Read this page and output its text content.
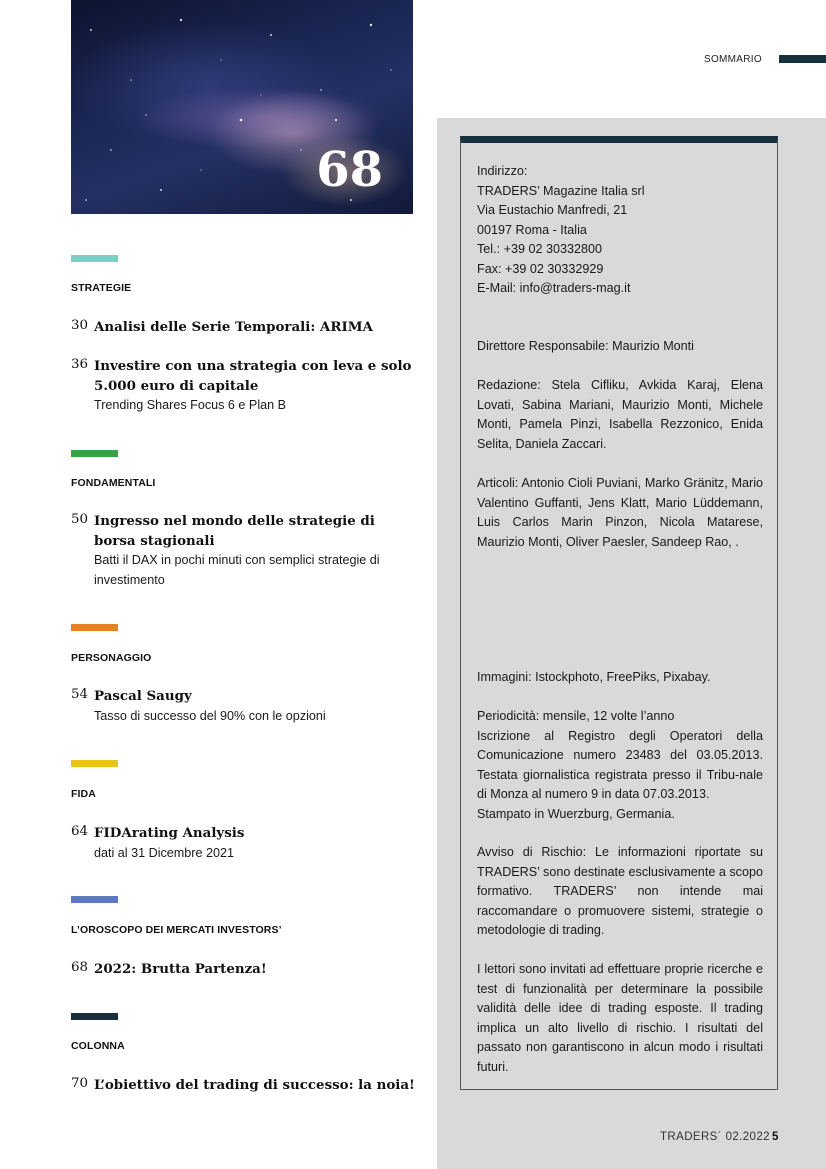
68
SOMMARIO

Indirizzo:
TRADERS’ Magazine Italia srl
Via Eustachio Manfredi, 21
00197 Roma - Italia
Tel.: +39 02 30332800
Fax: +39 02 30332929
E-Mail: info@traders-mag.it

Direttore Responsabile: Maurizio Monti

Redazione: Stela Cifliku, Avkida Karaj, Elena Lovati, Sabina Mariani, Maurizio Monti, Michele Monti, Pamela Pinzi, Isabella Rezzonico, Enida Selita, Daniela Zaccari.

Articoli: Antonio Cioli Puviani, Marko Gränitz, Mario Valentino Guffanti, Jens Klatt, Mario Lüddemann, Luis Carlos Marin Pinzon, Nicola Matarese, Maurizio Monti, Oliver Paesler, Sandeep Rao, .

Immagini: Istockphoto, FreePiks, Pixabay.

Periodicità: mensile, 12 volte l’anno
Iscrizione al Registro degli Operatori della Comunicazione numero 23483 del 03.05.2013. Testata giornalistica registrata presso il Tribu-nale di Monza al numero 9 in data 07.03.2013.
Stampato in Wuerzburg, Germania.

Avviso di Rischio: Le informazioni riportate su TRADERS’ sono destinate esclusivamente a scopo formativo. TRADERS’ non intende mai raccomandare o promuovere sistemi, strategie o metodologie di trading.

I lettori sono invitati ad effettuare proprie ricerche e test di funzionalità per determinare la possibile validità delle idee di trading esposte. Il trading implica un alto livello di rischio. I risultati del passato non garantiscono in alcun modo i risultati futuri.

STRATEGIE
30 Analisi delle Serie Temporali: ARIMA
36 Investire con una strategia con leva e solo 5.000 euro di capitale
Trending Shares Focus 6 e Plan B
FONDAMENTALI
50 Ingresso nel mondo delle strategie di borsa stagionali
Batti il DAX in pochi minuti con semplici strategie di investimento
PERSONAGGIO
54 Pascal Saugy
Tasso di successo del 90% con le opzioni
FIDA
64 FIDArating Analysis
dati al 31 Dicembre 2021
L’OROSCOPO DEI MERCATI INVESTORS’
68 2022: Brutta Partenza!
COLONNA
70 L’obiettivo del trading di successo: la noia!
TRADERS´ 02.2022 5
